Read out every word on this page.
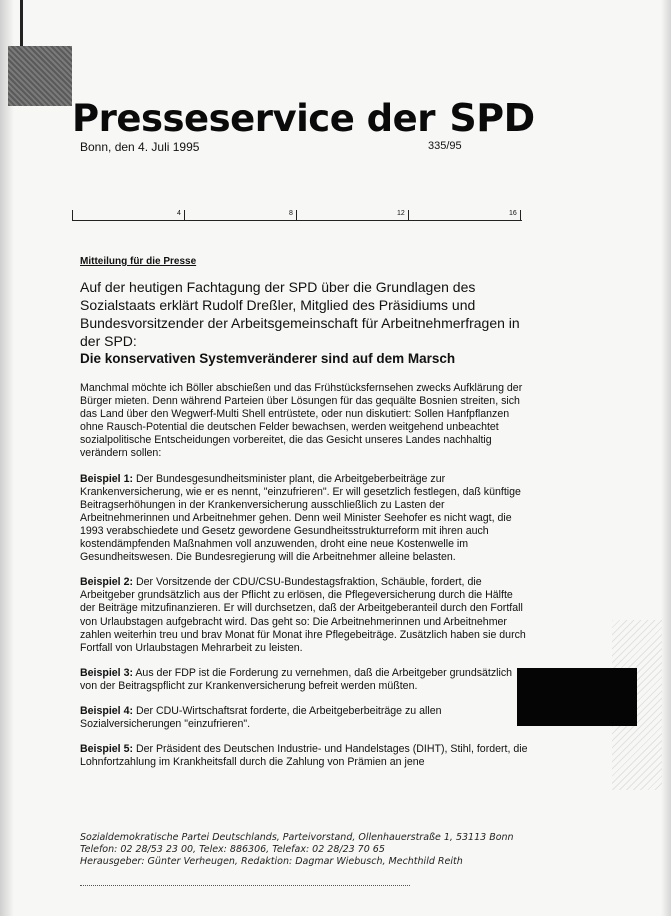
Presseservice der SPD
Bonn, den 4. Juli 1995	335/95
4	8	12	16

Mitteilung für die Presse

Auf der heutigen Fachtagung der SPD über die Grundlagen des Sozialstaats erklärt Rudolf Dreßler, Mitglied des Präsidiums und Bundesvorsitzender der Arbeitsgemeinschaft für Arbeitnehmerfragen in der SPD:

Die konservativen Systemveränderer sind auf dem Marsch

Manchmal möchte ich Böller abschießen und das Frühstücksfernsehen zwecks Aufklärung der Bürger mieten. Denn während Parteien über Lösungen für das gequälte Bosnien streiten, sich das Land über den Wegwerf-Multi Shell entrüstete, oder nun diskutiert: Sollen Hanfpflanzen ohne Rausch-Potential die deutschen Felder bewachsen, werden weitgehend unbeachtet sozialpolitische Entscheidungen vorbereitet, die das Gesicht unseres Landes nachhaltig verändern sollen:

Beispiel 1: Der Bundesgesundheitsminister plant, die Arbeitgeberbeiträge zur Krankenversicherung, wie er es nennt, "einzufrieren". Er will gesetzlich festlegen, daß künftige Beitragserhöhungen in der Krankenversicherung ausschließlich zu Lasten der Arbeitnehmerinnen und Arbeitnehmer gehen. Denn weil Minister Seehofer es nicht wagt, die 1993 verabschiedete und Gesetz gewordene Gesundheitsstrukturreform mit ihren auch kostendämpfenden Maßnahmen voll anzuwenden, droht eine neue Kostenwelle im Gesundheitswesen. Die Bundesregierung will die Arbeitnehmer alleine belasten.

Beispiel 2: Der Vorsitzende der CDU/CSU-Bundestagsfraktion, Schäuble, fordert, die Arbeitgeber grundsätzlich aus der Pflicht zu erlösen, die Pflegeversicherung durch die Hälfte der Beiträge mitzufinanzieren. Er will durchsetzen, daß der Arbeitgeberanteil durch den Fortfall von Urlaubstagen aufgebracht wird. Das geht so: Die Arbeitnehmerinnen und Arbeitnehmer zahlen weiterhin treu und brav Monat für Monat ihre Pflegebeiträge. Zusätzlich haben sie durch Fortfall von Urlaubstagen Mehrarbeit zu leisten.

Beispiel 3: Aus der FDP ist die Forderung zu vernehmen, daß die Arbeitgeber grundsätzlich von der Beitragspflicht zur Krankenversicherung befreit werden müßten.

Beispiel 4: Der CDU-Wirtschaftsrat forderte, die Arbeitgeberbeiträge zu allen Sozialversicherungen "einzufrieren".

Beispiel 5: Der Präsident des Deutschen Industrie- und Handelstages (DIHT), Stihl, fordert, die Lohnfortzahlung im Krankheitsfall durch die Zahlung von Prämien an jene

Sozialdemokratische Partei Deutschlands, Parteivorstand, Ollenhauerstraße 1, 53113 Bonn
Telefon: 02 28/53 23 00, Telex: 886306, Telefax: 02 28/23 70 65
Herausgeber: Günter Verheugen, Redaktion: Dagmar Wiebusch, Mechthild Reith
